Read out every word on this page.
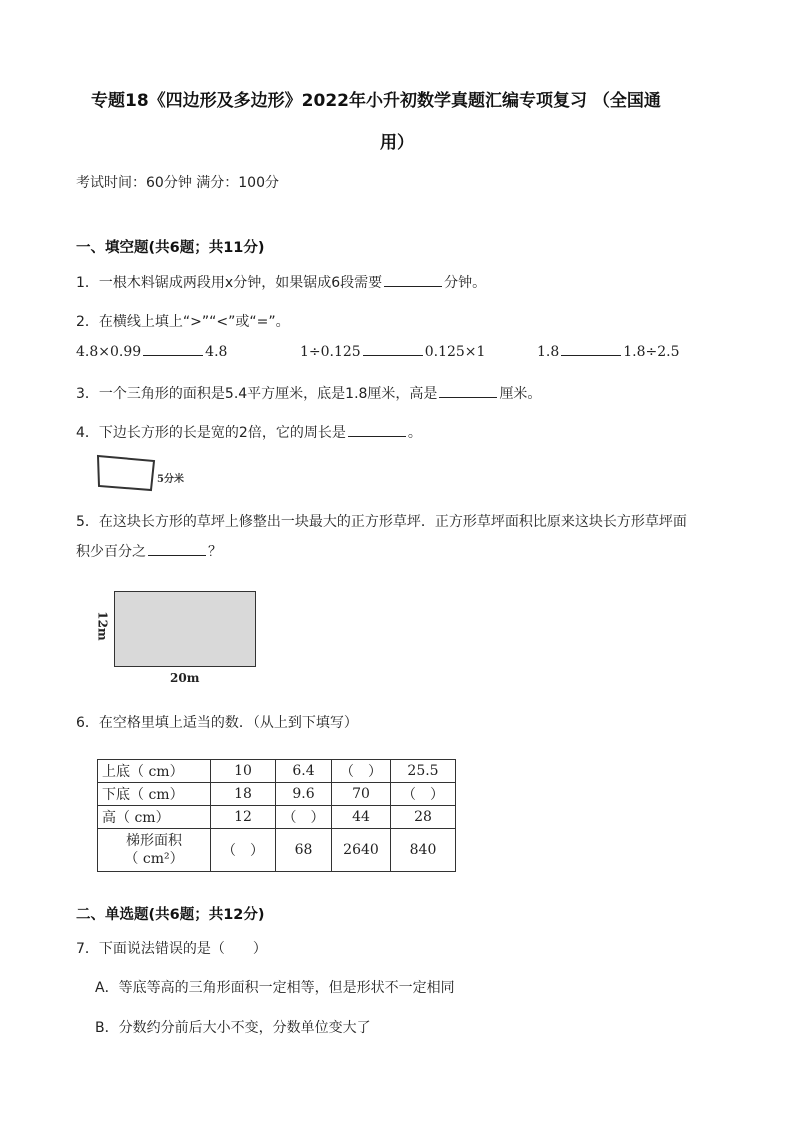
专题18《四边形及多边形》2022年小升初数学真题汇编专项复习 （全国通
用）
考试时间：60分钟 满分：100分
一、填空题(共6题；共11分)
1．一根木料锯成两段用x分钟，如果锯成6段需要	分钟。
2．在横线上填上“>”“<”或“=”。
4.8×0.99	4.8	1÷0.125	0.125×1	1.8	1.8÷2.5
3．一个三角形的面积是5.4平方厘米，底是1.8厘米，高是	厘米。
4．下边长方形的长是宽的2倍，它的周长是	。
5分米
5．在这块长方形的草坪上修整出一块最大的正方形草坪．正方形草坪面积比原来这块长方形草坪面
积少百分之	？
12m
20m
6．在空格里填上适当的数．（从上到下填写）
上底（ cm）	10	6.4	（　）	25.5
下底（ cm）	18	9.6	70	（　）
高（ cm）	12	（　）	44	28

梯形面积
（ cm²）	（　）	68	2640	840
二、单选题(共6题；共12分)
7．下面说法错误的是（　　）
A．等底等高的三角形面积一定相等，但是形状不一定相同
B．分数约分前后大小不变，分数单位变大了
